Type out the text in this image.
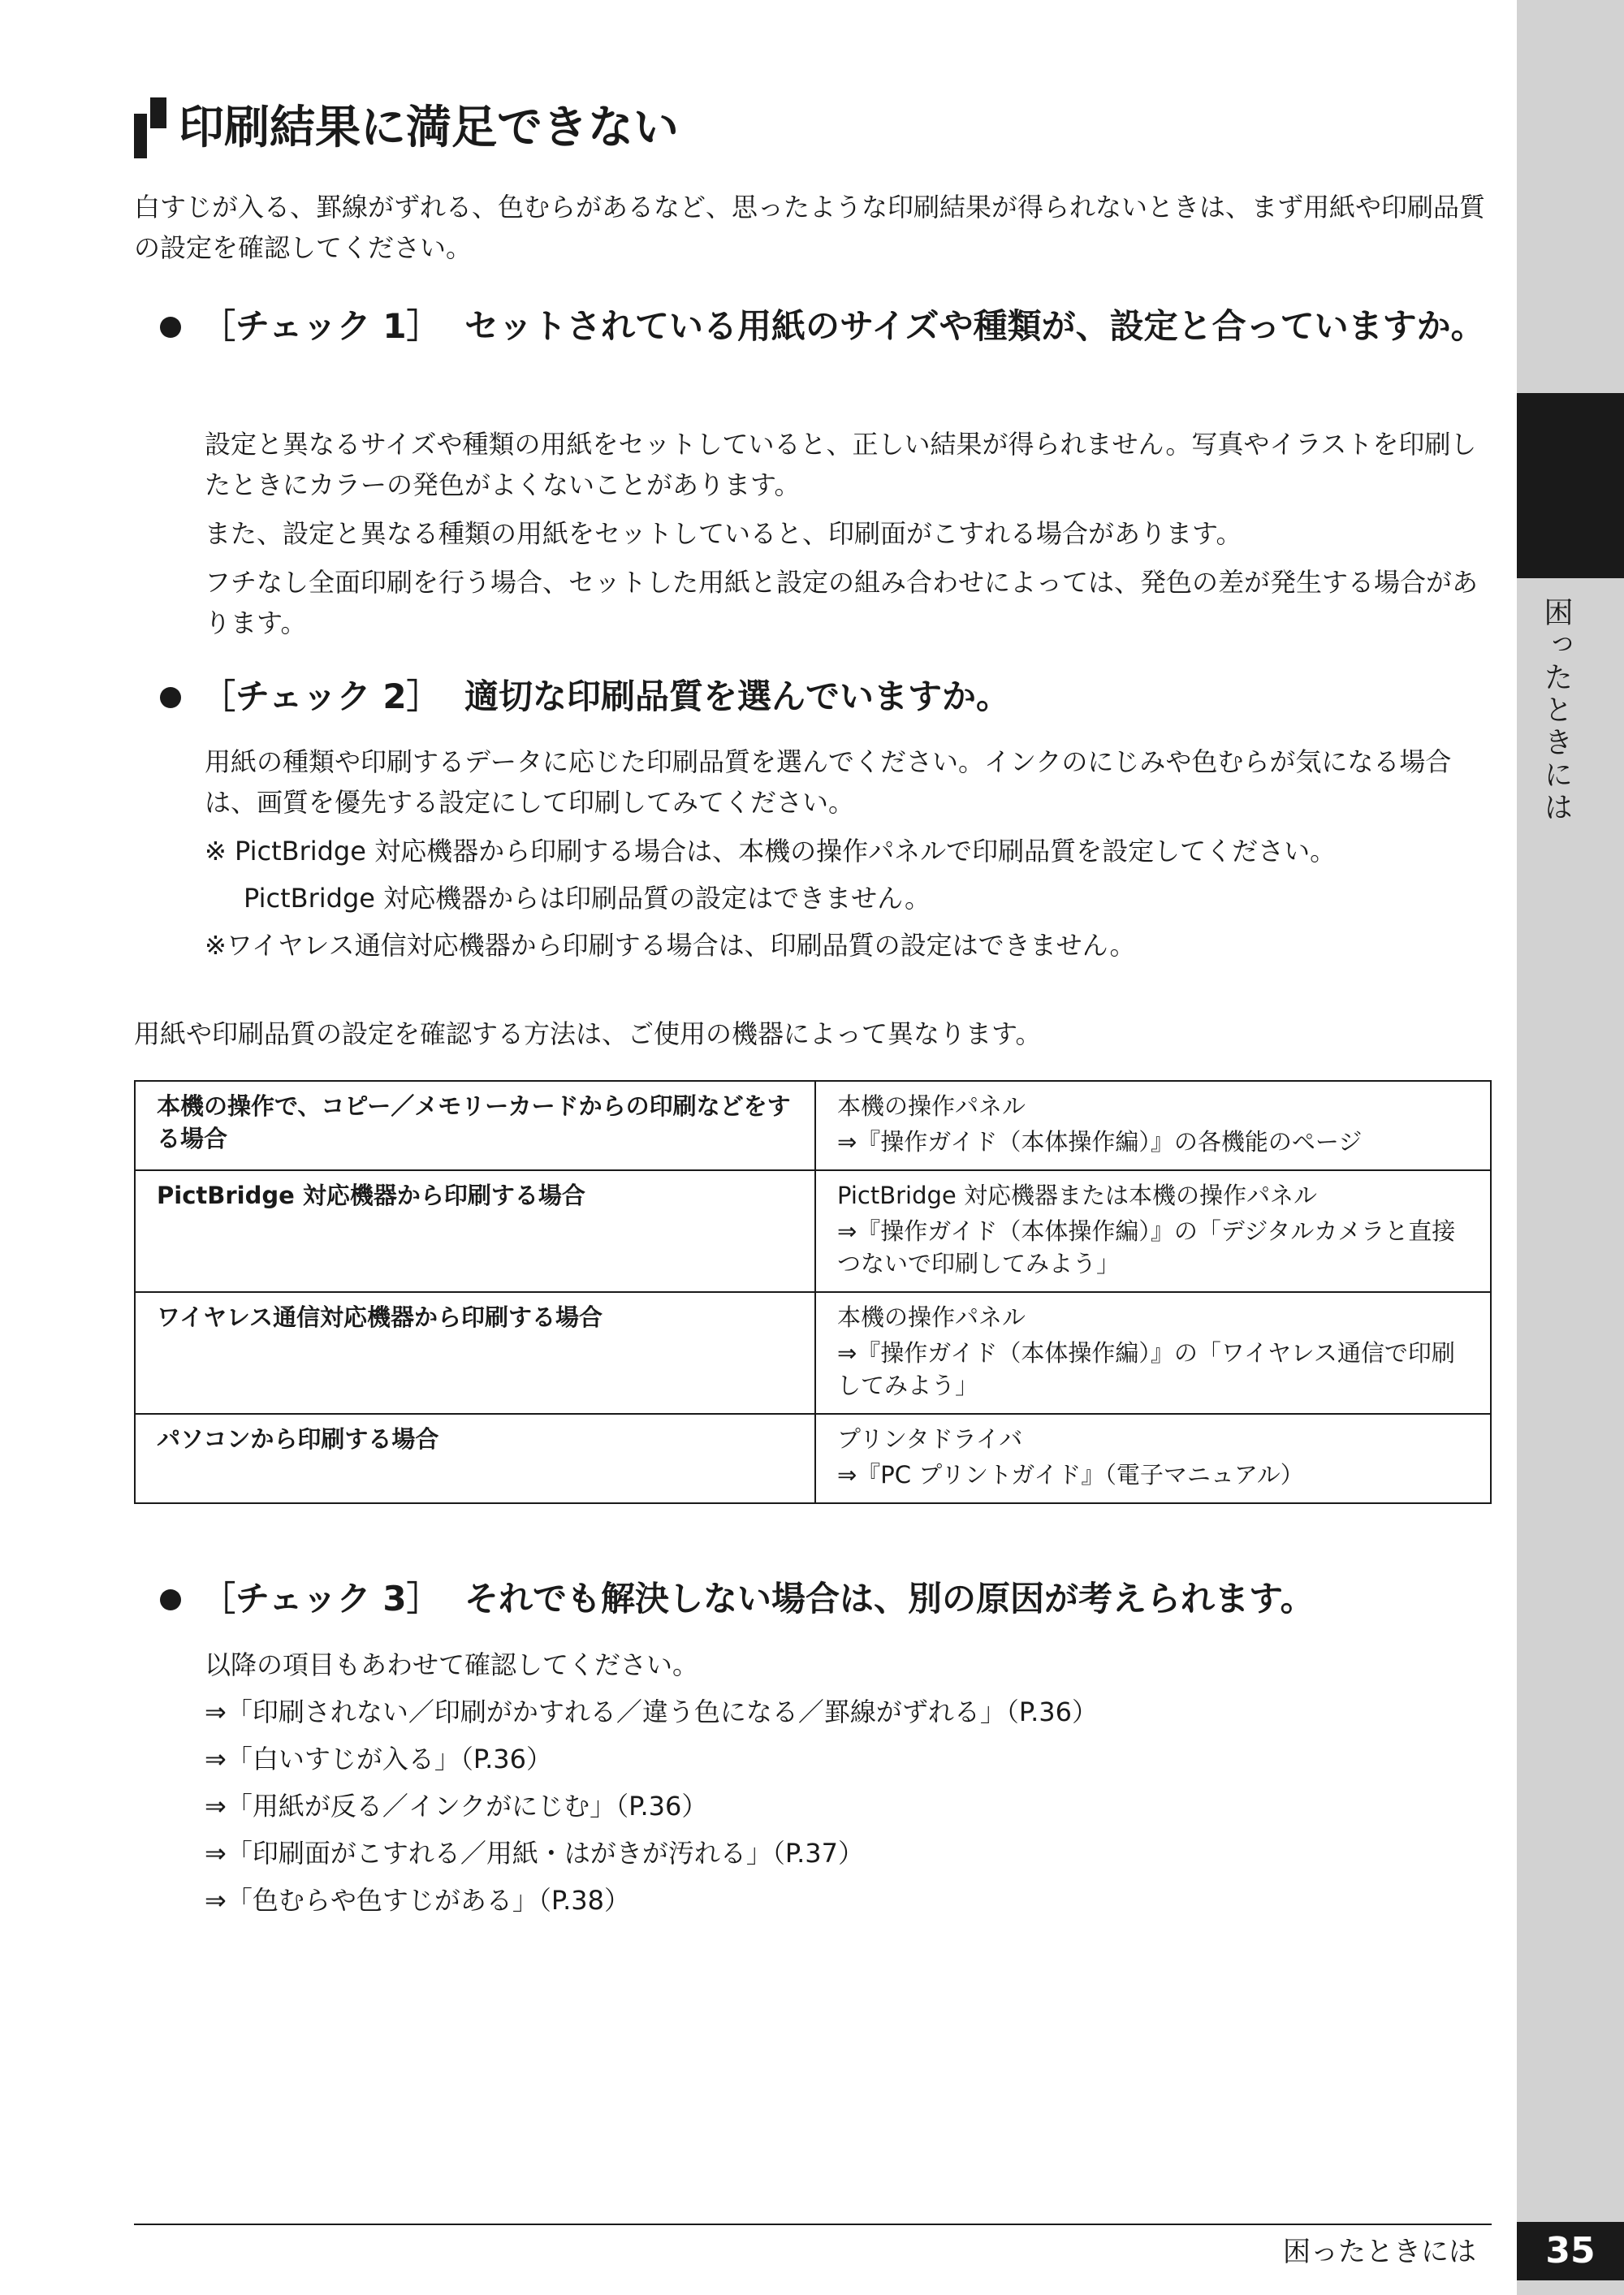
困ったときには
印刷結果に満足できない

白すじが入る、罫線がずれる、色むらがあるなど、思ったような印刷結果が得られないときは、まず用紙や印刷品質の設定を確認してください。

［チェック 1］ セットされている用紙のサイズや種類が、設定と合っていますか。

設定と異なるサイズや種類の用紙をセットしていると、正しい結果が得られません。写真やイラストを印刷したときにカラーの発色がよくないことがあります。

また、設定と異なる種類の用紙をセットしていると、印刷面がこすれる場合があります。

フチなし全面印刷を行う場合、セットした用紙と設定の組み合わせによっては、発色の差が発生する場合があります。

［チェック 2］ 適切な印刷品質を選んでいますか。

用紙の種類や印刷するデータに応じた印刷品質を選んでください。インクのにじみや色むらが気になる場合は、画質を優先する設定にして印刷してみてください。

※ PictBridge 対応機器から印刷する場合は、本機の操作パネルで印刷品質を設定してください。

PictBridge 対応機器からは印刷品質の設定はできません。

※ワイヤレス通信対応機器から印刷する場合は、印刷品質の設定はできません。

用紙や印刷品質の設定を確認する方法は、ご使用の機器によって異なります。

本機の操作で、コピー／メモリーカードからの印刷などをする場合	本機の操作パネル
⇒『操作ガイド（本体操作編）』の各機能のページ

PictBridge 対応機器から印刷する場合	PictBridge 対応機器または本機の操作パネル
⇒『操作ガイド（本体操作編）』の「デジタルカメラと直接つないで印刷してみよう」

ワイヤレス通信対応機器から印刷する場合	本機の操作パネル
⇒『操作ガイド（本体操作編）』の「ワイヤレス通信で印刷してみよう」

パソコンから印刷する場合	プリンタドライバ
⇒『PC プリントガイド』（電子マニュアル）
［チェック 3］ それでも解決しない場合は、別の原因が考えられます。

以降の項目もあわせて確認してください。

⇒「印刷されない／印刷がかすれる／違う色になる／罫線がずれる」（P.36）

⇒「白いすじが入る」（P.36）

⇒「用紙が反る／インクがにじむ」（P.36）

⇒「印刷面がこすれる／用紙・はがきが汚れる」（P.37）

⇒「色むらや色すじがある」（P.38）

困ったときには	35
